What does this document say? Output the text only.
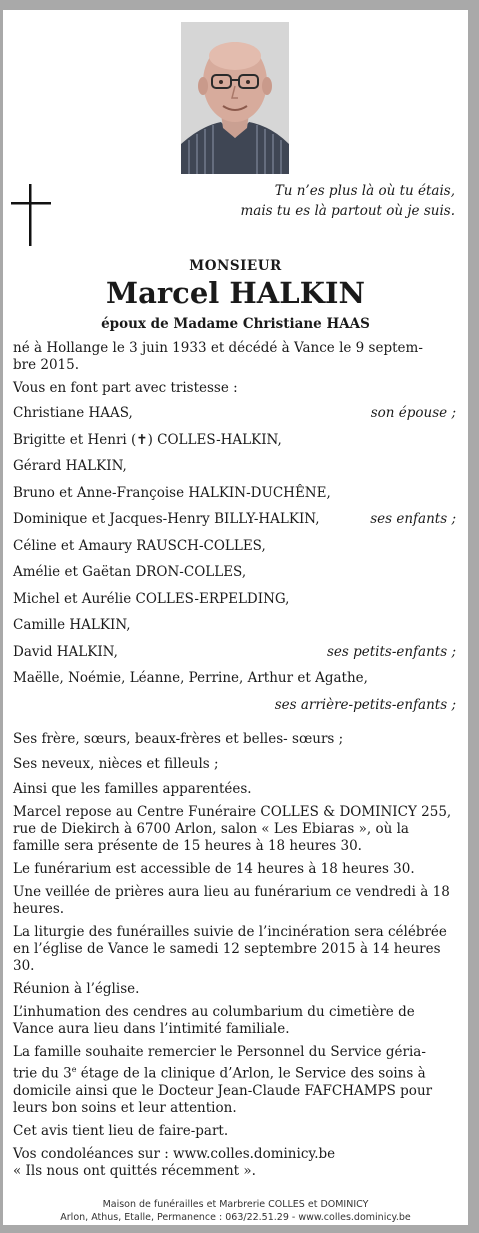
Tu n’es plus là où tu étais,
mais tu es là partout où je suis.
MONSIEUR
Marcel HALKIN
époux de Madame Christiane HAAS

né à Hollange le 3 juin 1933 et décédé à Vance le 9 septem-
bre 2015.

Vous en font part avec tristesse :

Christiane HAAS,	son épouse ;
Brigitte et Henri (✝) COLLES-HALKIN,
Gérard HALKIN,
Bruno et Anne-Françoise HALKIN-DUCHÊNE,
Dominique et Jacques-Henry BILLY-HALKIN,	ses enfants ;
Céline et Amaury RAUSCH-COLLES,
Amélie et Gaëtan DRON-COLLES,
Michel et Aurélie COLLES-ERPELDING,
Camille HALKIN,
David HALKIN,	ses petits-enfants ;
Maëlle, Noémie, Léanne, Perrine, Arthur et Agathe,
ses arrière-petits-enfants ;

Ses frère, sœurs, beaux-frères et belles- sœurs ;

Ses neveux, nièces et filleuls ;

Ainsi que les familles apparentées.

Marcel repose au Centre Funéraire COLLES & DOMINICY 255, rue de Diekirch à 6700 Arlon, salon « Les Ebiaras », où la famille sera présente de 15 heures à 18 heures 30.

Le funérarium est accessible de 14 heures à 18 heures 30.

Une veillée de prières aura lieu au funérarium ce vendredi à 18 heures.

La liturgie des funérailles suivie de l’incinération sera célébrée en l’église de Vance le samedi 12 septembre 2015 à 14 heures 30.

Réunion à l’église.

L’inhumation des cendres au columbarium du cimetière de Vance aura lieu dans l’intimité familiale.

La famille souhaite remercier le Personnel du Service géria-
trie du 3e étage de la clinique d’Arlon, le Service des soins à domicile ainsi que le Docteur Jean-Claude FAFCHAMPS pour leurs bon soins et leur attention.

Cet avis tient lieu de faire-part.

Vos condoléances sur : www.colles.dominicy.be

« Ils nous ont quittés récemment ».

Maison de funérailles et Marbrerie COLLES et DOMINICY
Arlon, Athus, Etalle, Permanence : 063/22.51.29 - www.colles.dominicy.be
